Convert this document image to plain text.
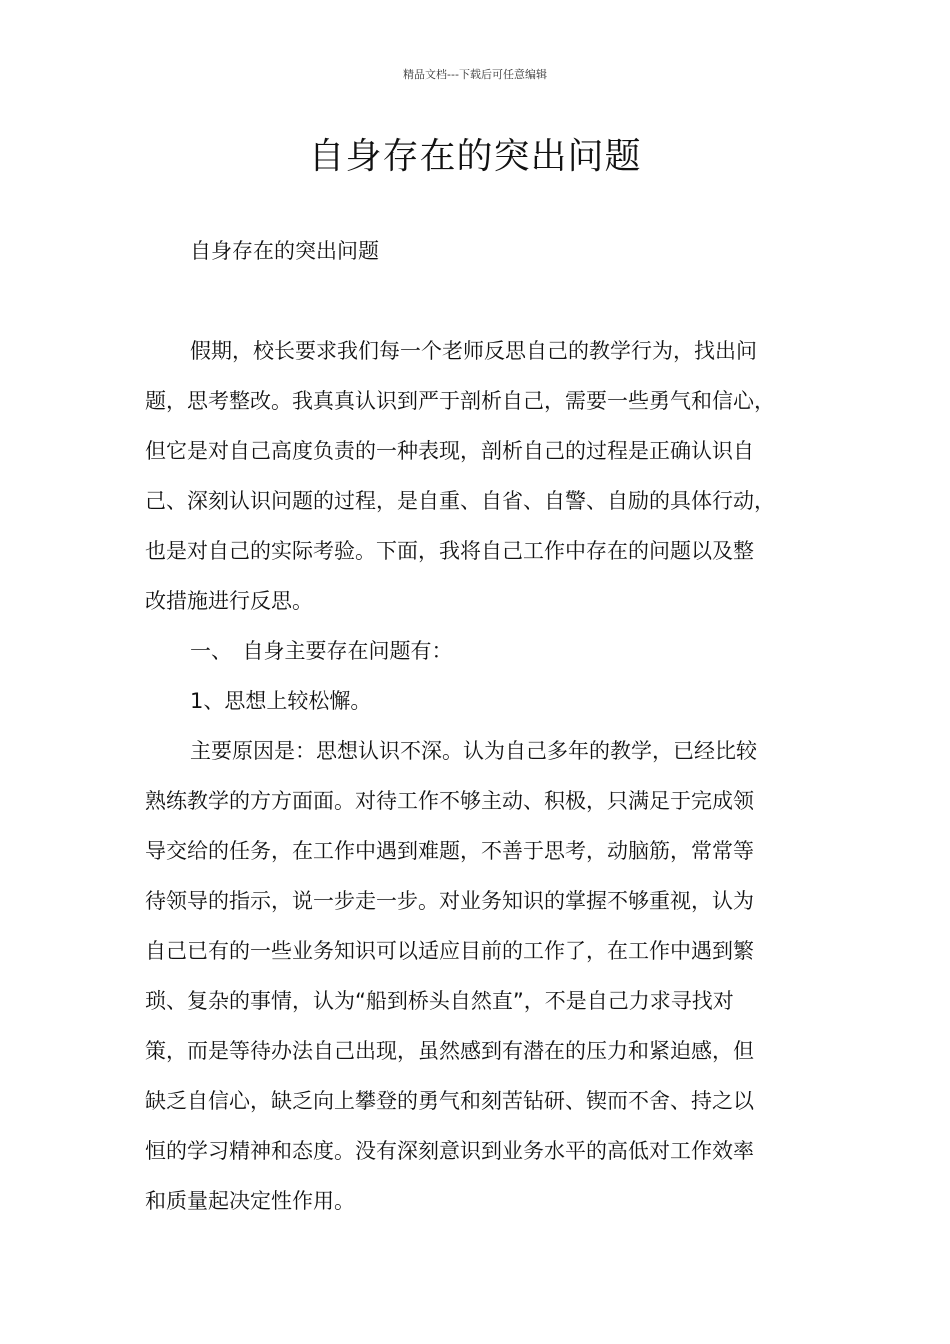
精品文档---下载后可任意编辑
自身存在的突出问题
自身存在的突出问题
假期，校长要求我们每一个老师反思自己的教学行为，找出问
题，思考整改。我真真认识到严于剖析自己，需要一些勇气和信心，
但它是对自己高度负责的一种表现，剖析自己的过程是正确认识自
己、深刻认识问题的过程，是自重、自省、自警、自励的具体行动，
也是对自己的实际考验。下面，我将自己工作中存在的问题以及整
改措施进行反思。
一、　自身主要存在问题有：
1、思想上较松懈。
主要原因是：思想认识不深。认为自己多年的教学，已经比较
熟练教学的方方面面。对待工作不够主动、积极，只满足于完成领
导交给的任务，在工作中遇到难题，不善于思考，动脑筋，常常等
待领导的指示，说一步走一步。对业务知识的掌握不够重视，认为
自己已有的一些业务知识可以适应目前的工作了，在工作中遇到繁
琐、复杂的事情，认为“船到桥头自然直”，不是自己力求寻找对
策，而是等待办法自己出现，虽然感到有潜在的压力和紧迫感，但
缺乏自信心，缺乏向上攀登的勇气和刻苦钻研、锲而不舍、持之以
恒的学习精神和态度。没有深刻意识到业务水平的高低对工作效率
和质量起决定性作用。
